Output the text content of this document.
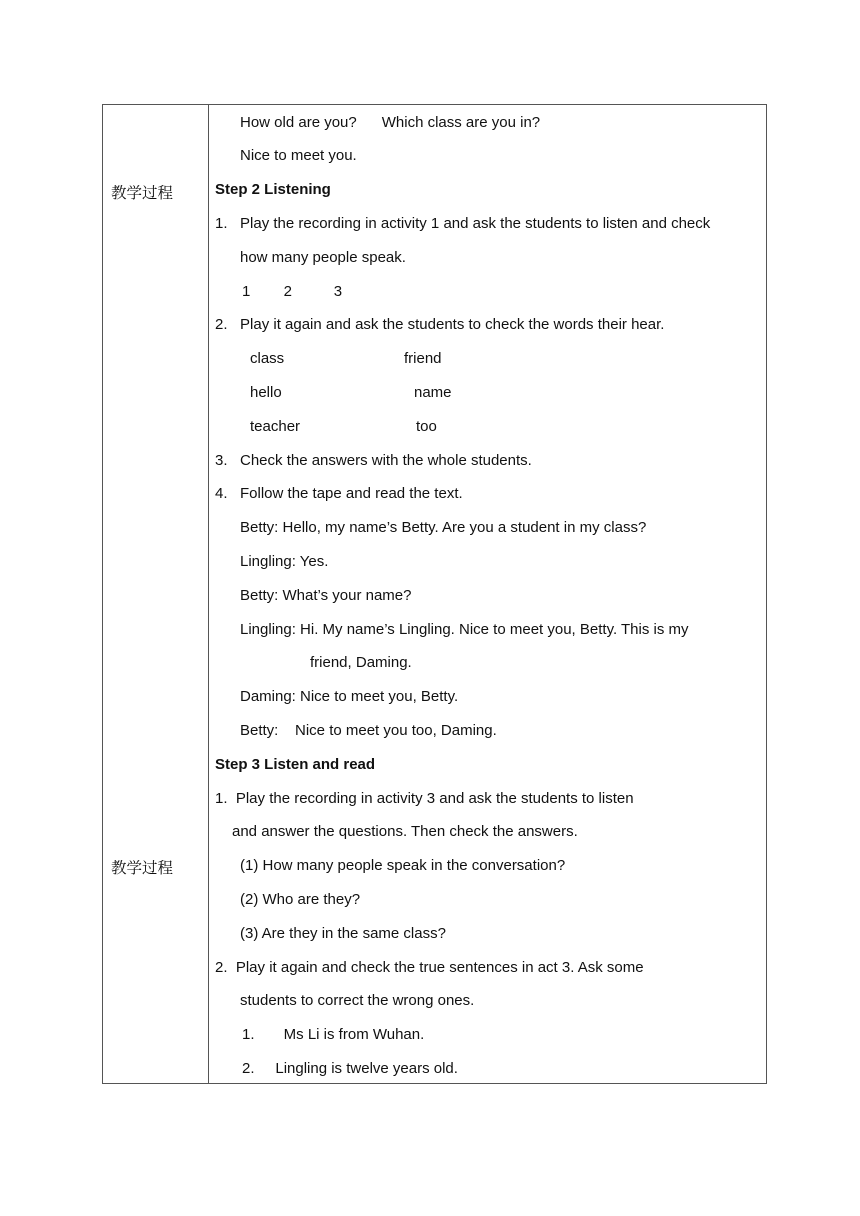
教学过程
教学过程
How old are you?      Which class are you in?
Nice to meet you.
Step 2 Listening
1.   Play the recording in activity 1 and ask the students to listen and check
how many people speak.
1        2          3
2.   Play it again and ask the students to check the words their hear.
class	friend
hello	name
teacher	too
3.   Check the answers with the whole students.
4.   Follow the tape and read the text.
Betty: Hello, my name’s Betty. Are you a student in my class?
Lingling: Yes.
Betty: What’s your name?
Lingling: Hi. My name’s Lingling. Nice to meet you, Betty. This is my
friend, Daming.
Daming: Nice to meet you, Betty.
Betty:    Nice to meet you too, Daming.
Step 3 Listen and read
1.  Play the recording in activity 3 and ask the students to listen
and answer the questions. Then check the answers.
(1) How many people speak in the conversation?
(2) Who are they?
(3) Are they in the same class?
2.  Play it again and check the true sentences in act 3. Ask some
students to correct the wrong ones.
1.       Ms Li is from Wuhan.
2.     Lingling is twelve years old.
